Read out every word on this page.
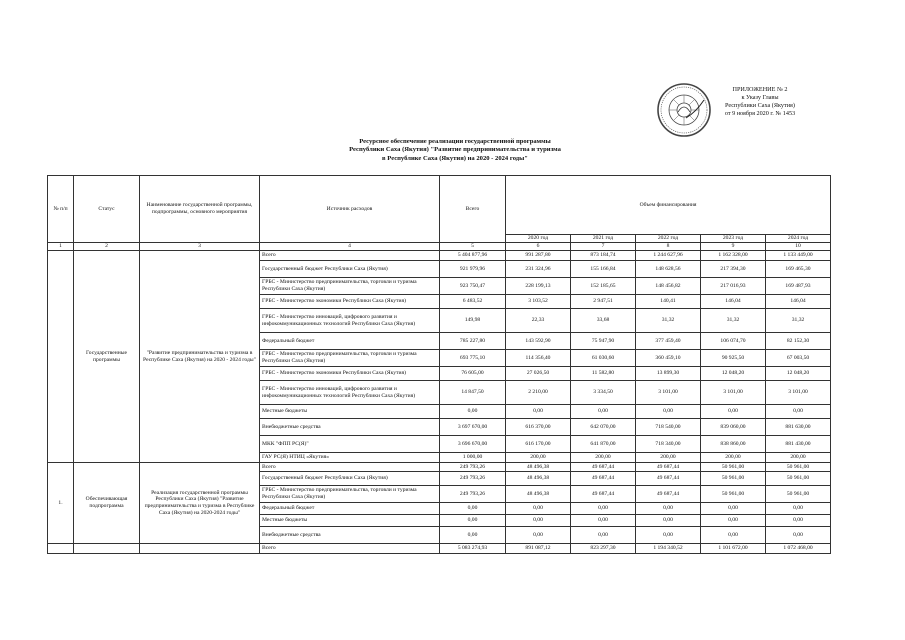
ПРИЛОЖЕНИЕ № 2
к Указу Главы
Республики Саха (Якутия)
от 9 ноября 2020 г. № 1453
Ресурсное обеспечение реализации государственной программы
Республики Саха (Якутия) "Развитие предпринимательства и туризма
в Республике Саха (Якутия) на 2020 - 2024 годы"
№ п/п	Статус	Наименование государственной программы, подпрограммы, основного мероприятия	Источник расходов	Всего	Объем финансирования				
					2020 год	2021 год	2022 год	2023 год	2024 год
1	2	3	4	5	6	7	8	9	10
	Государственные программы	"Развитие предпринимательства и туризма в Республике Саха (Якутия) на 2020 - 2024 годы"	Всего	5 404 877,96	991 287,80	873 184,74	1 244 627,96	1 162 328,00	1 133 449,00
			Государственный бюджет Республики Саха (Якутия)	921 979,96	231 324,96	155 166,84	148 628,56	217 394,30	169 465,30
			ГРБС - Министерство предпринимательства, торговли и туризма Республики Саха (Якутия)	923 750,47	228 199,13	152 185,65	148 456,82	217 016,93	169 487,93
			ГРБС - Министерство экономики Республики Саха (Якутия)	6 483,52	3 103,52	2 947,51	140,41	146,04	146,04
			ГРБС - Министерство инноваций, цифрового развития и инфокоммуникационных технологий Республики Саха (Якутия)	149,98	22,33	33,68	31,32	31,32	31,32
			Федеральный бюджет	785 227,80	143 592,90	75 947,90	377 459,40	106 074,70	82 152,30
			ГРБС - Министерство предпринимательства, торговли и туризма Республики Саха (Якутия)	693 775,10	114 356,40	61 030,60	360 459,10	90 925,50	67 003,50
			ГРБС - Министерство экономики Республики Саха (Якутия)	76 605,00	27 026,50	11 582,80	13 899,30	12 048,20	12 048,20
			ГРБС - Министерство инноваций, цифрового развития и инфокоммуникационных технологий Республики Саха (Якутия)	14 847,50	2 210,00	3 334,50	3 101,00	3 101,00	3 101,00
			Местные бюджеты	0,00	0,00	0,00	0,00	0,00	0,00
			Внебюджетные средства	3 697 670,00	616 370,00	642 070,00	718 540,00	839 060,00	881 630,00
			МКК "ФПП РС(Я)"	3 696 670,00	616 170,00	641 870,00	718 340,00	838 860,00	881 430,00
			ГАУ РС(Я) НТИЦ «Якутия»	1 000,00	200,00	200,00	200,00	200,00	200,00
1.	Обеспечивающая подпрограмма	Реализация государственной программы Республики Саха (Якутия) "Развитие предпринимательства и туризма в Республике Саха (Якутия) на 2020-2024 годы"	Всего	249 793,26	48 496,38	49 687,44	49 687,44	50 961,00	50 961,00
			Государственный бюджет Республики Саха (Якутия)	249 793,26	48 496,38	49 687,44	49 687,44	50 961,00	50 961,00
			ГРБС - Министерство предпринимательства, торговли и туризма Республики Саха (Якутия)	249 793,26	48 496,38	49 687,44	49 687,44	50 961,00	50 961,00
			Федеральный бюджет	0,00	0,00	0,00	0,00	0,00	0,00
			Местные бюджеты	0,00	0,00	0,00	0,00	0,00	0,00
			Внебюджетные средства	0,00	0,00	0,00	0,00	0,00	0,00
			Всего	5 083 274,93	891 087,12	823 297,30	1 194 340,52	1 101 672,00	1 072 468,00
